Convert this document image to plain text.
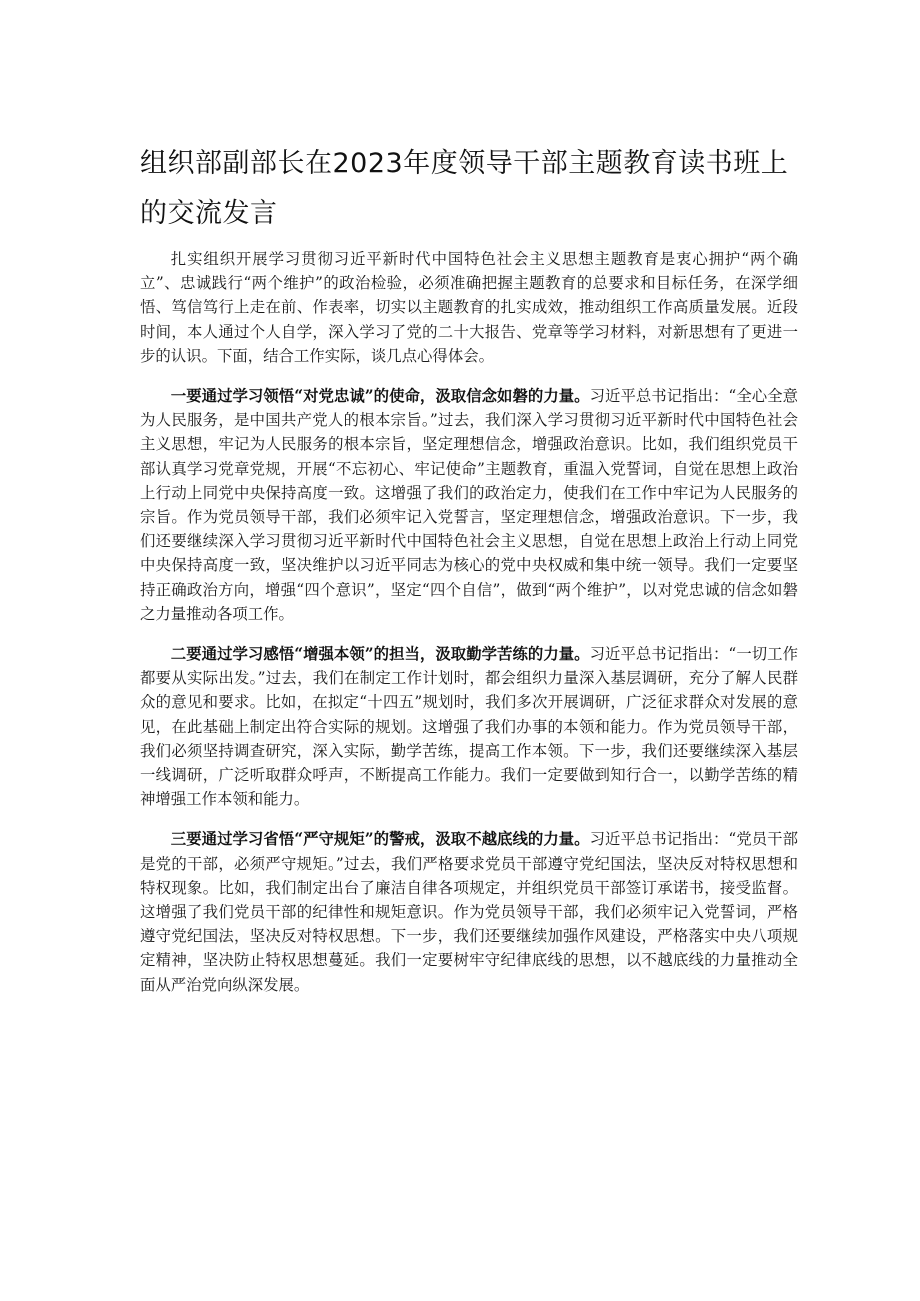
组织部副部长在2023年度领导干部主题教育读书班上的交流发言

扎实组织开展学习贯彻习近平新时代中国特色社会主义思想主题教育是衷心拥护“两个确立”、忠诚践行“两个维护”的政治检验，必须准确把握主题教育的总要求和目标任务，在深学细悟、笃信笃行上走在前、作表率，切实以主题教育的扎实成效，推动组织工作高质量发展。近段时间，本人通过个人自学，深入学习了党的二十大报告、党章等学习材料，对新思想有了更进一步的认识。下面，结合工作实际，谈几点心得体会。

一要通过学习领悟“对党忠诚”的使命，汲取信念如磐的力量。习近平总书记指出：“全心全意为人民服务，是中国共产党人的根本宗旨。”过去，我们深入学习贯彻习近平新时代中国特色社会主义思想，牢记为人民服务的根本宗旨，坚定理想信念，增强政治意识。比如，我们组织党员干部认真学习党章党规，开展“不忘初心、牢记使命”主题教育，重温入党誓词，自觉在思想上政治上行动上同党中央保持高度一致。这增强了我们的政治定力，使我们在工作中牢记为人民服务的宗旨。作为党员领导干部，我们必须牢记入党誓言，坚定理想信念，增强政治意识。下一步，我们还要继续深入学习贯彻习近平新时代中国特色社会主义思想，自觉在思想上政治上行动上同党中央保持高度一致，坚决维护以习近平同志为核心的党中央权威和集中统一领导。我们一定要坚持正确政治方向，增强“四个意识”，坚定“四个自信”，做到“两个维护”，以对党忠诚的信念如磐之力量推动各项工作。

二要通过学习感悟“增强本领”的担当，汲取勤学苦练的力量。习近平总书记指出：“一切工作都要从实际出发。”过去，我们在制定工作计划时，都会组织力量深入基层调研，充分了解人民群众的意见和要求。比如，在拟定“十四五”规划时，我们多次开展调研，广泛征求群众对发展的意见，在此基础上制定出符合实际的规划。这增强了我们办事的本领和能力。作为党员领导干部，我们必须坚持调查研究，深入实际，勤学苦练，提高工作本领。下一步，我们还要继续深入基层一线调研，广泛听取群众呼声，不断提高工作能力。我们一定要做到知行合一，以勤学苦练的精神增强工作本领和能力。

三要通过学习省悟“严守规矩”的警戒，汲取不越底线的力量。习近平总书记指出：“党员干部是党的干部，必须严守规矩。”过去，我们严格要求党员干部遵守党纪国法，坚决反对特权思想和特权现象。比如，我们制定出台了廉洁自律各项规定，并组织党员干部签订承诺书，接受监督。这增强了我们党员干部的纪律性和规矩意识。作为党员领导干部，我们必须牢记入党誓词，严格遵守党纪国法，坚决反对特权思想。下一步，我们还要继续加强作风建设，严格落实中央八项规定精神，坚决防止特权思想蔓延。我们一定要树牢守纪律底线的思想，以不越底线的力量推动全面从严治党向纵深发展。
